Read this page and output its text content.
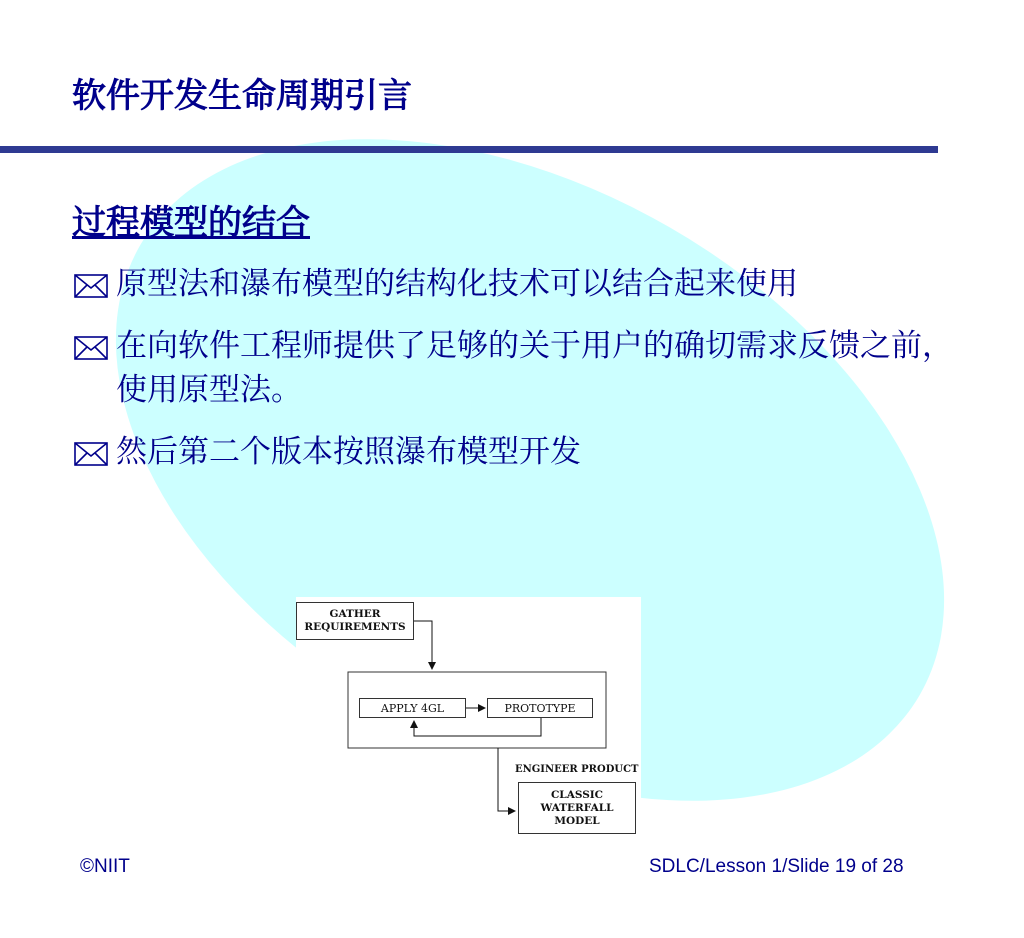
软件开发生命周期引言
过程模型的结合
原型法和瀑布模型的结构化技术可以结合起来使用
在向软件工程师提供了足够的关于用户的确切需求反馈之前，使用原型法。
然后第二个版本按照瀑布模型开发
GATHER REQUIREMENTS
APPLY 4GL	PROTOTYPE
ENGINEER PRODUCT
CLASSIC WATERFALL MODEL
©NIIT	SDLC/Lesson 1/Slide 19 of 28
